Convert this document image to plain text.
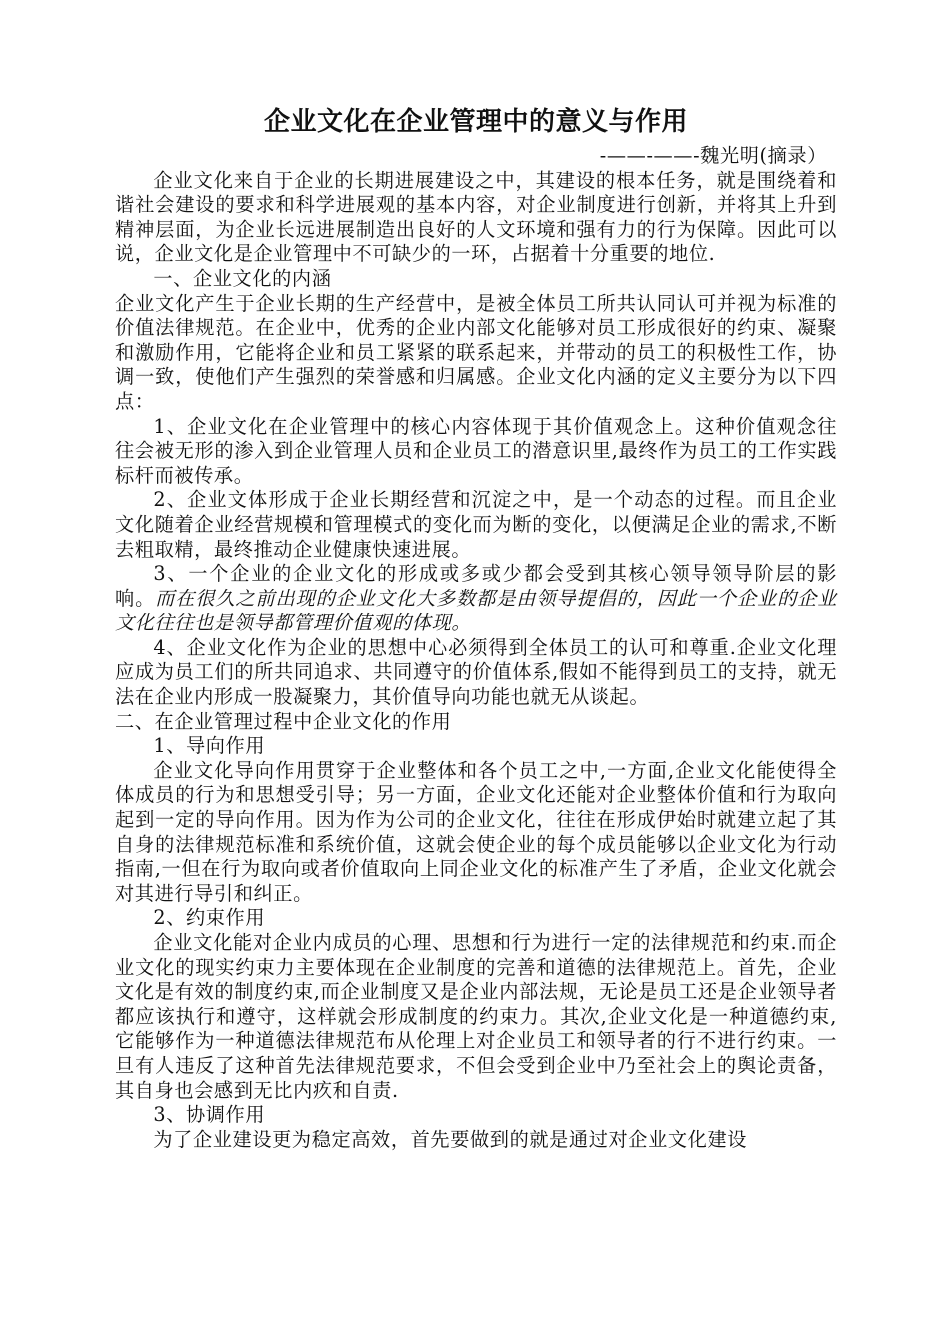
企业文化在企业管理中的意义与作用

-——-——-魏光明(摘录）

企业文化来自于企业的长期进展建设之中，其建设的根本任务，就是围绕着和谐社会建设的要求和科学进展观的基本内容，对企业制度进行创新，并将其上升到精神层面，为企业长远进展制造出良好的人文环境和强有力的行为保障。因此可以说，企业文化是企业管理中不可缺少的一环，占据着十分重要的地位.

一、企业文化的内涵

企业文化产生于企业长期的生产经营中，是被全体员工所共认同认可并视为标准的价值法律规范。在企业中，优秀的企业内部文化能够对员工形成很好的约束、凝聚和激励作用，它能将企业和员工紧紧的联系起来，并带动的员工的积极性工作，协调一致，使他们产生强烈的荣誉感和归属感。企业文化内涵的定义主要分为以下四点：

1、企业文化在企业管理中的核心内容体现于其价值观念上。这种价值观念往往会被无形的渗入到企业管理人员和企业员工的潜意识里,最终作为员工的工作实践标杆而被传承。

2、企业文体形成于企业长期经营和沉淀之中，是一个动态的过程。而且企业文化随着企业经营规模和管理模式的变化而为断的变化，以便满足企业的需求,不断去粗取精，最终推动企业健康快速进展。

3、一个企业的企业文化的形成或多或少都会受到其核心领导领导阶层的影响。而在很久之前出现的企业文化大多数都是由领导提倡的，因此一个企业的企业文化往往也是领导都管理价值观的体现。

4、企业文化作为企业的思想中心必须得到全体员工的认可和尊重.企业文化理应成为员工们的所共同追求、共同遵守的价值体系,假如不能得到员工的支持，就无法在企业内形成一股凝聚力，其价值导向功能也就无从谈起。

二、在企业管理过程中企业文化的作用

1、导向作用

企业文化导向作用贯穿于企业整体和各个员工之中,一方面,企业文化能使得全体成员的行为和思想受引导；另一方面，企业文化还能对企业整体价值和行为取向起到一定的导向作用。因为作为公司的企业文化，往往在形成伊始时就建立起了其自身的法律规范标准和系统价值，这就会使企业的每个成员能够以企业文化为行动指南,一但在行为取向或者价值取向上同企业文化的标准产生了矛盾，企业文化就会对其进行导引和纠正。

2、约束作用

企业文化能对企业内成员的心理、思想和行为进行一定的法律规范和约束.而企业文化的现实约束力主要体现在企业制度的完善和道德的法律规范上。首先，企业文化是有效的制度约束,而企业制度又是企业内部法规，无论是员工还是企业领导者都应该执行和遵守，这样就会形成制度的约束力。其次,企业文化是一种道德约束,它能够作为一种道德法律规范布从伦理上对企业员工和领导者的行不进行约束。一旦有人违反了这种首先法律规范要求，不但会受到企业中乃至社会上的舆论责备，其自身也会感到无比内疚和自责.

3、协调作用

为了企业建设更为稳定高效，首先要做到的就是通过对企业文化建设
